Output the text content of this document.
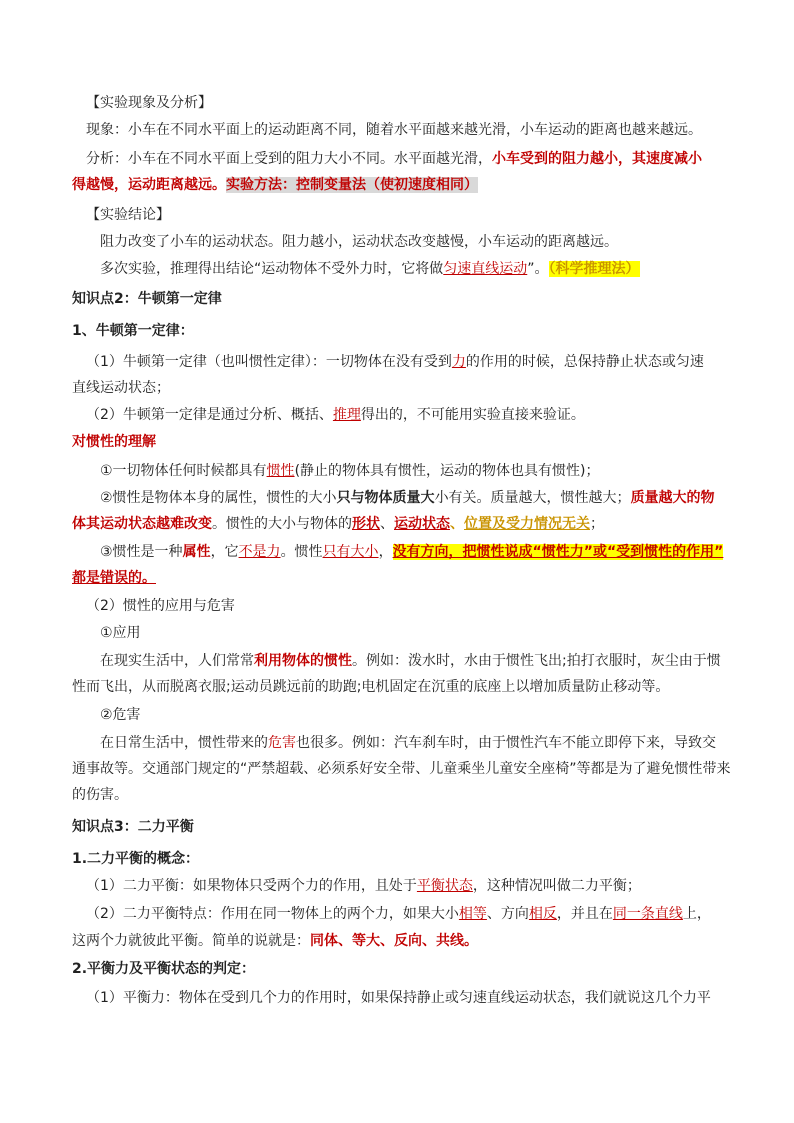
【实验现象及分析】
现象：小车在不同水平面上的运动距离不同，随着水平面越来越光滑，小车运动的距离也越来越远。
分析：小车在不同水平面上受到的阻力大小不同。水平面越光滑，小车受到的阻力越小，其速度减小
得越慢，运动距离越远。实验方法：控制变量法（使初速度相同）
【实验结论】
阻力改变了小车的运动状态。阻力越小，运动状态改变越慢，小车运动的距离越远。
多次实验，推理得出结论“运动物体不受外力时，它将做匀速直线运动”。（科学推理法）
知识点2：牛顿第一定律
1、牛顿第一定律：
（1）牛顿第一定律（也叫惯性定律）：一切物体在没有受到力的作用的时候，总保持静止状态或匀速
直线运动状态；
（2）牛顿第一定律是通过分析、概括、推理得出的，不可能用实验直接来验证。
对惯性的理解
①一切物体任何时候都具有惯性(静止的物体具有惯性，运动的物体也具有惯性)；
②惯性是物体本身的属性，惯性的大小只与物体质量大小有关。质量越大，惯性越大；质量越大的物
体其运动状态越难改变。惯性的大小与物体的形状、运动状态、位置及受力情况无关；
③惯性是一种属性，它不是力。惯性只有大小，没有方向，把惯性说成“惯性力”或“受到惯性的作用”
都是错误的。
（2）惯性的应用与危害
①应用
在现实生活中，人们常常利用物体的惯性。例如：泼水时，水由于惯性飞出;拍打衣服时，灰尘由于惯
性而飞出，从而脱离衣服;运动员跳远前的助跑;电机固定在沉重的底座上以增加质量防止移动等。
②危害
在日常生活中，惯性带来的危害也很多。例如：汽车刹车时，由于惯性汽车不能立即停下来，导致交
通事故等。交通部门规定的“严禁超载、必须系好安全带、儿童乘坐儿童安全座椅”等都是为了避免惯性带来
的伤害。
知识点3：二力平衡
1.二力平衡的概念：
（1）二力平衡：如果物体只受两个力的作用，且处于平衡状态，这种情况叫做二力平衡；
（2）二力平衡特点：作用在同一物体上的两个力，如果大小相等、方向相反，并且在同一条直线上，
这两个力就彼此平衡。简单的说就是：同体、等大、反向、共线。
2.平衡力及平衡状态的判定：
（1）平衡力：物体在受到几个力的作用时，如果保持静止或匀速直线运动状态，我们就说这几个力平
